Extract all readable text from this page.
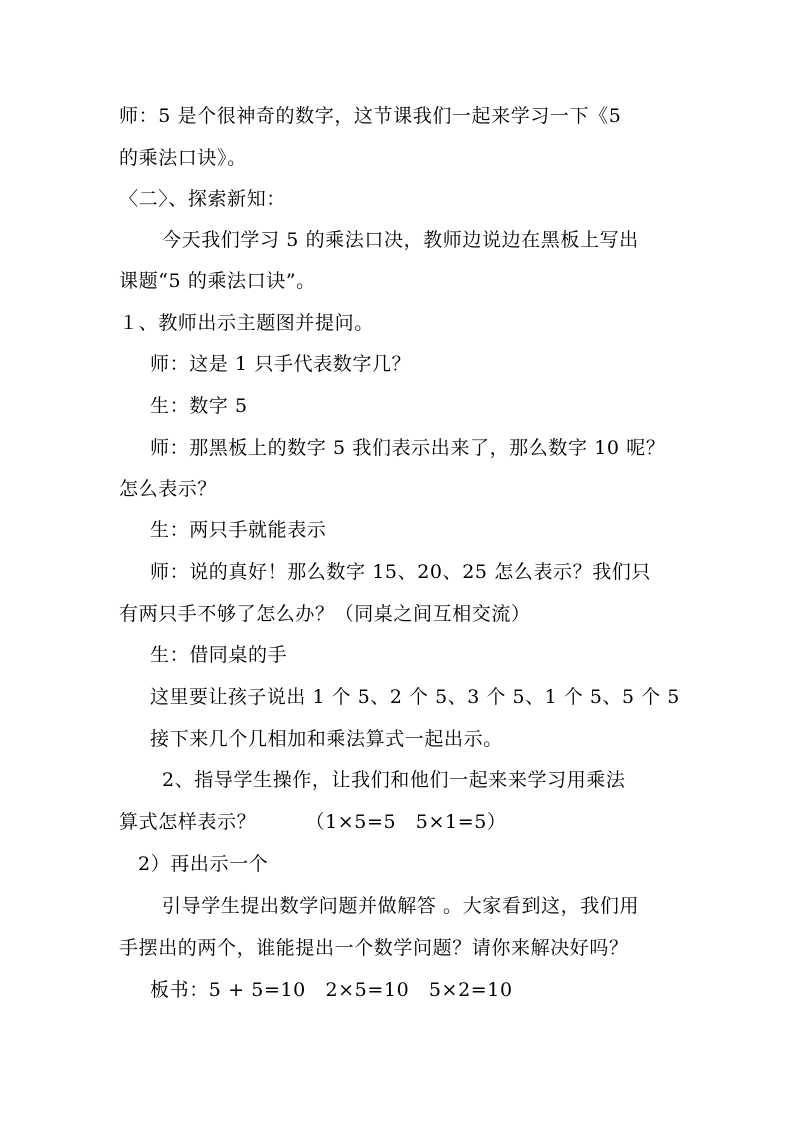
师：5 是个很神奇的数字，这节课我们一起来学习一下《5
的乘法口诀》。
〈二〉、探索新知：
今天我们学习 5 的乘法口决，教师边说边在黑板上写出
课题“5 的乘法口诀”。
１、教师出示主题图并提问。
师：这是 1 只手代表数字几？
生：数字 5
师：那黑板上的数字 5 我们表示出来了，那么数字 10 呢？
怎么表示？
生：两只手就能表示
师：说的真好！那么数字 15、20、25 怎么表示？我们只
有两只手不够了怎么办？（同桌之间互相交流）
生：借同桌的手
这里要让孩子说出 1 个 5、2 个 5、3 个 5、1 个 5、5 个 5
接下来几个几相加和乘法算式一起出示。
2、指导学生操作，让我们和他们一起来来学习用乘法
算式怎样表示？　　　（1×5=5　5×1=5）
2）再出示一个
引导学生提出数学问题并做解答 。大家看到这，我们用
手摆出的两个，谁能提出一个数学问题？请你来解决好吗？
板书：5 + 5=10　2×5=10　5×2=10
